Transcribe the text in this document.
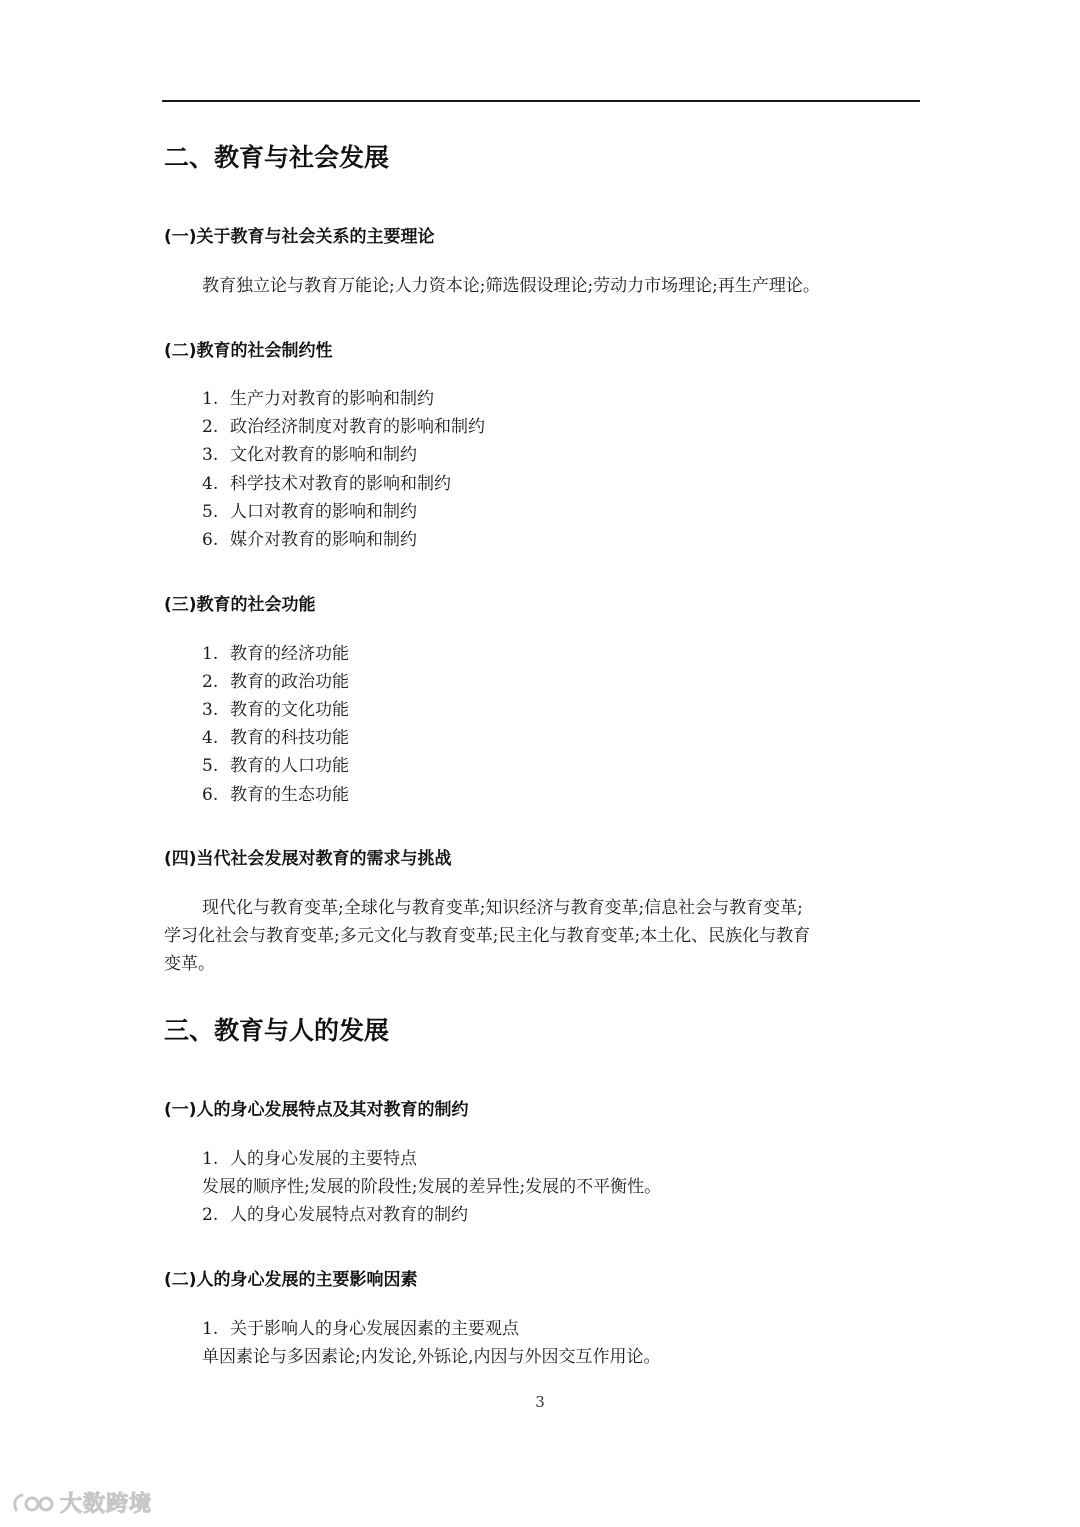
二、教育与社会发展
(一)关于教育与社会关系的主要理论
教育独立论与教育万能论;人力资本论;筛选假设理论;劳动力市场理论;再生产理论。
(二)教育的社会制约性
1. 生产力对教育的影响和制约
2. 政治经济制度对教育的影响和制约
3. 文化对教育的影响和制约
4. 科学技术对教育的影响和制约
5. 人口对教育的影响和制约
6. 媒介对教育的影响和制约
(三)教育的社会功能
1. 教育的经济功能
2. 教育的政治功能
3. 教育的文化功能
4. 教育的科技功能
5. 教育的人口功能
6. 教育的生态功能
(四)当代社会发展对教育的需求与挑战
现代化与教育变革;全球化与教育变革;知识经济与教育变革;信息社会与教育变革;
学习化社会与教育变革;多元文化与教育变革;民主化与教育变革;本土化、民族化与教育
变革。
三、教育与人的发展
(一)人的身心发展特点及其对教育的制约
1. 人的身心发展的主要特点
发展的顺序性;发展的阶段性;发展的差异性;发展的不平衡性。
2. 人的身心发展特点对教育的制约
(二)人的身心发展的主要影响因素
1. 关于影响人的身心发展因素的主要观点
单因素论与多因素论;内发论,外铄论,内因与外因交互作用论。
3
大数跨境
